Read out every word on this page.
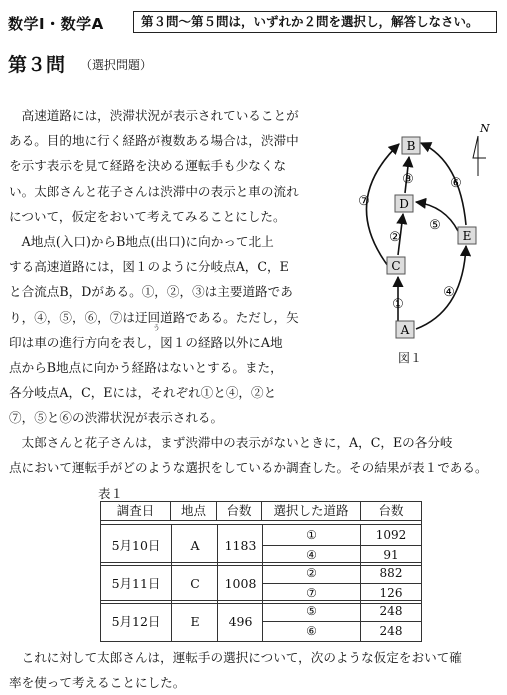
数学Ⅰ・数学A	第３問～第５問は，いずれか２問を選択し，解答しなさい。
第３問 （選択問題）
　高速道路には，渋滞状況が表示されていることが
ある。目的地に行く経路が複数ある場合は，渋滞中
を示す表示を見て経路を決める運転手も少なくな
い。太郎さんと花子さんは渋滞中の表示と車の流れ
について，仮定をおいて考えてみることにした。
　A地点(入口)からB地点(出口)に向かって北上
する高速道路には，図１のように分岐点A，C，E
と合流点B，Dがある。①，②，③は主要道路であ
り，④，⑤，⑥，⑦は迂回道路である。ただし，矢
印は車の進行方向を表し，図１の経路以外にA地
点からB地点に向かう経路はないとする。また，
各分岐点A，C，Eには，それぞれ①と④，②と
⑦，⑤と⑥の渋滞状況が表示される。
う
N
B
D
E
C
A
①
②
③
④
⑤
⑥
⑦
図１
　太郎さんと花子さんは，まず渋滞中の表示がないときに，A，C，Eの各分岐
点において運転手がどのような選択をしているか調査した。その結果が表１である。
表１
調査日	地点	台数	選択した道路	台数
5月10日	A	1183
①	1092
④	91
5月11日	C	1008
②	882
⑦	126
5月12日	E	496
⑤	248
⑥	248
　これに対して太郎さんは，運転手の選択について，次のような仮定をおいて確
率を使って考えることにした。
